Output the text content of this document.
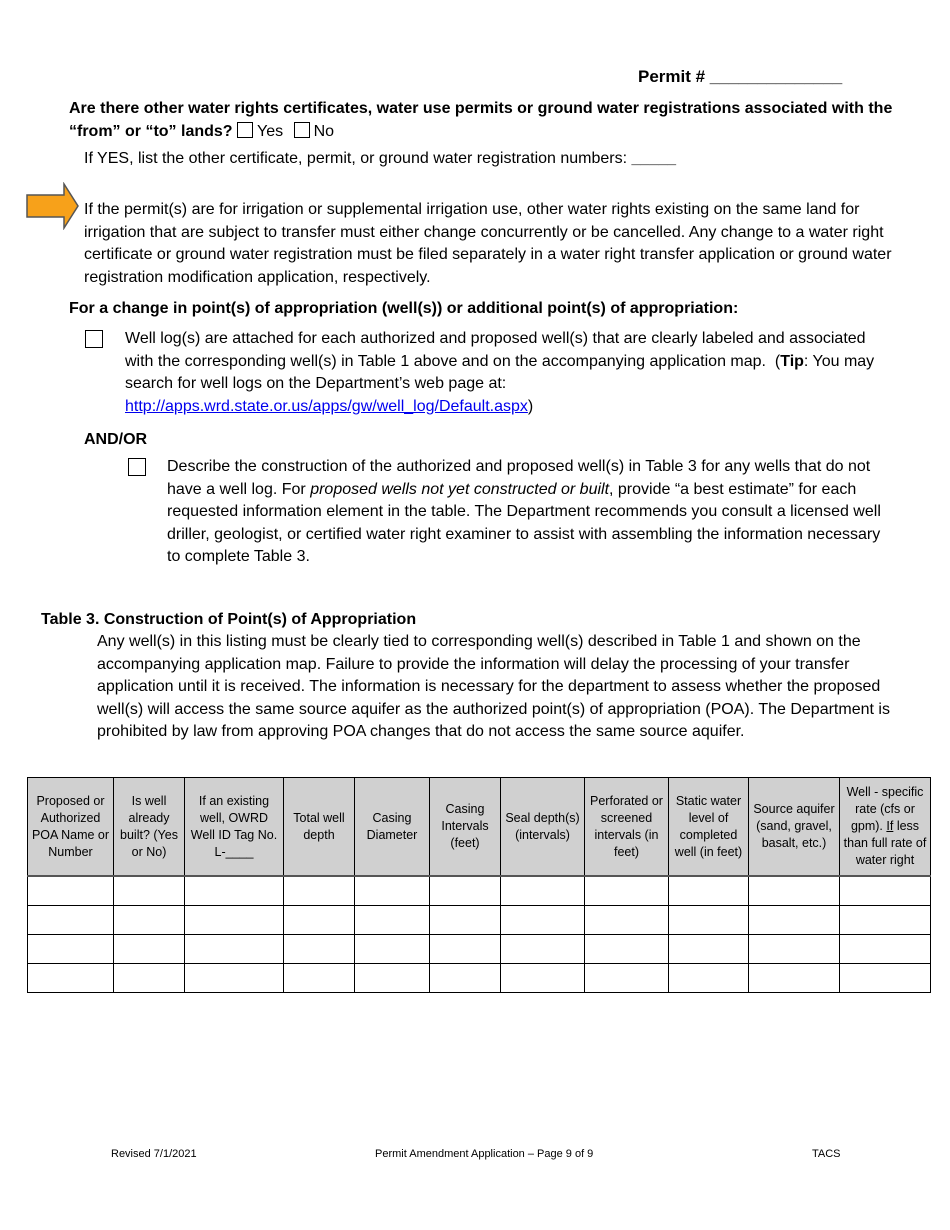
Permit # ______________
Are there other water rights certificates, water use permits or ground water registrations associated with the “from” or “to” lands? Yes No
If YES, list the other certificate, permit, or ground water registration numbers: _____
If the permit(s) are for irrigation or supplemental irrigation use, other water rights existing on the same land for irrigation that are subject to transfer must either change concurrently or be cancelled. Any change to a water right certificate or ground water registration must be filed separately in a water right transfer application or ground water registration modification application, respectively.
For a change in point(s) of appropriation (well(s)) or additional point(s) of appropriation:
Well log(s) are attached for each authorized and proposed well(s) that are clearly labeled and associated with the corresponding well(s) in Table 1 above and on the accompanying application map. (Tip: You may search for well logs on the Department’s web page at: http://apps.wrd.state.or.us/apps/gw/well_log/Default.aspx)
AND/OR
Describe the construction of the authorized and proposed well(s) in Table 3 for any wells that do not have a well log. For proposed wells not yet constructed or built, provide “a best estimate” for each requested information element in the table. The Department recommends you consult a licensed well driller, geologist, or certified water right examiner to assist with assembling the information necessary to complete Table 3.
Table 3. Construction of Point(s) of Appropriation
Any well(s) in this listing must be clearly tied to corresponding well(s) described in Table 1 and shown on the accompanying application map. Failure to provide the information will delay the processing of your transfer application until it is received. The information is necessary for the department to assess whether the proposed well(s) will access the same source aquifer as the authorized point(s) of appropriation (POA). The Department is prohibited by law from approving POA changes that do not access the same source aquifer.
Proposed or Authorized POA Name or Number	Is well already built? (Yes or No)	If an existing well, OWRD Well ID Tag No. L-____	Total well depth	Casing Diameter	Casing Intervals (feet)	Seal depth(s) (intervals)	Perforated or screened intervals (in feet)	Static water level of completed well (in feet)	Source aquifer (sand, gravel, basalt, etc.)	Well - specific rate (cfs or gpm). If less than full rate of water right

Revised 7/1/2021	Permit Amendment Application – Page 9 of 9	TACS
